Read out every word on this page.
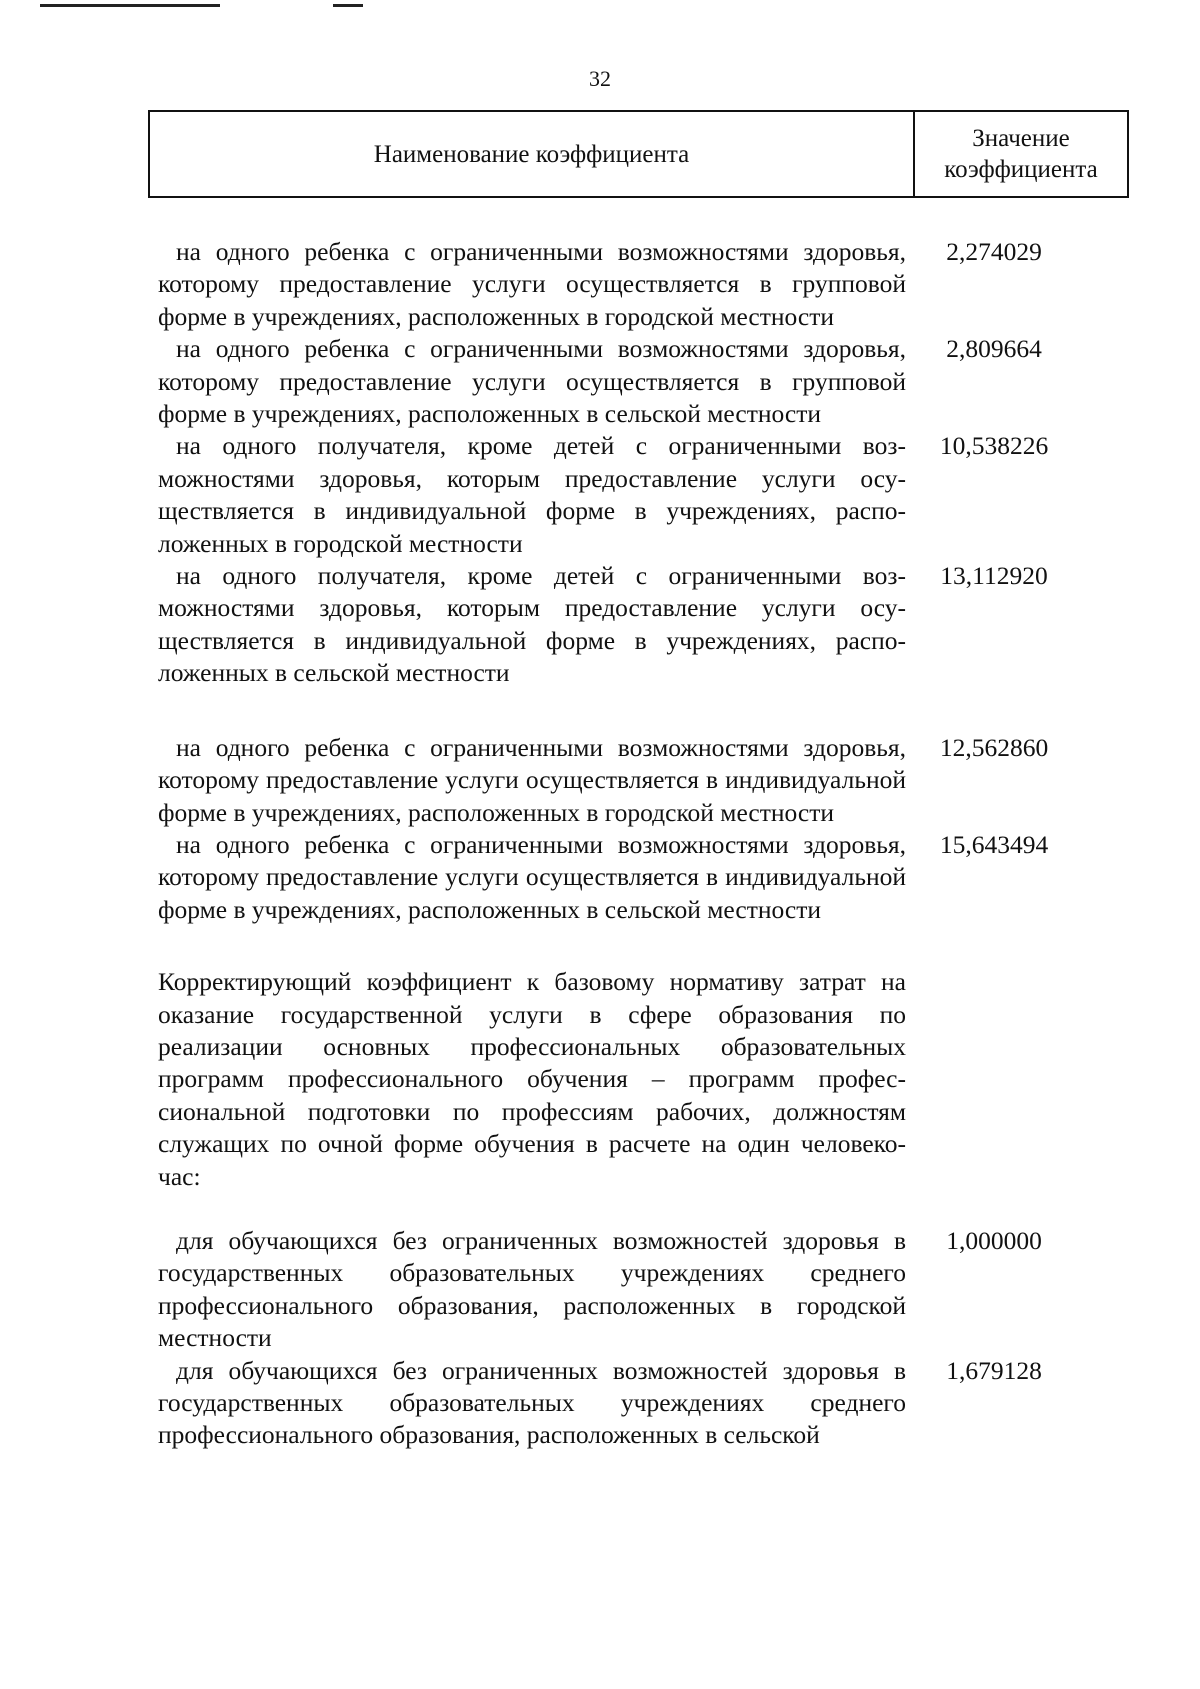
32
Наименование коэффициента
Значение коэффициента
на одного ребенка с ограниченными возможностями здоровья, которому предоставление услуги осуществляется в групповой форме в учреждениях, расположенных в городской местности
2,274029
на одного ребенка с ограниченными возможностями здоровья, которому предоставление услуги осуществляется в групповой форме в учреждениях, расположенных в сельской местности
2,809664
на одного получателя, кроме детей с ограниченными возможностями здоровья, которым предоставление услуги осуществляется в индивидуальной форме в учреждениях, расположенных в городской местности
10,538226
на одного получателя, кроме детей с ограниченными возможностями здоровья, которым предоставление услуги осуществляется в индивидуальной форме в учреждениях, расположенных в сельской местности
13,112920
на одного ребенка с ограниченными возможностями здоровья, которому предоставление услуги осуществляется в индивидуальной форме в учреждениях, расположенных в городской местности
12,562860
на одного ребенка с ограниченными возможностями здоровья, которому предоставление услуги осуществляется в индивидуальной форме в учреждениях, расположенных в сельской местности
15,643494
Корректирующий коэффициент к базовому нормативу затрат на оказание государственной услуги в сфере образования по реализации основных профессиональных образовательных программ профессионального обучения – программ профессиональной подготовки по профессиям рабочих, должностям служащих по очной форме обучения в расчете на один человеко-час:
для обучающихся без ограниченных возможностей здоровья в государственных образовательных учреждениях среднего профессионального образования, расположенных в городской местности
1,000000
для обучающихся без ограниченных возможностей здоровья в государственных образовательных учреждениях среднего профессионального образования, расположенных в сельской
1,679128
